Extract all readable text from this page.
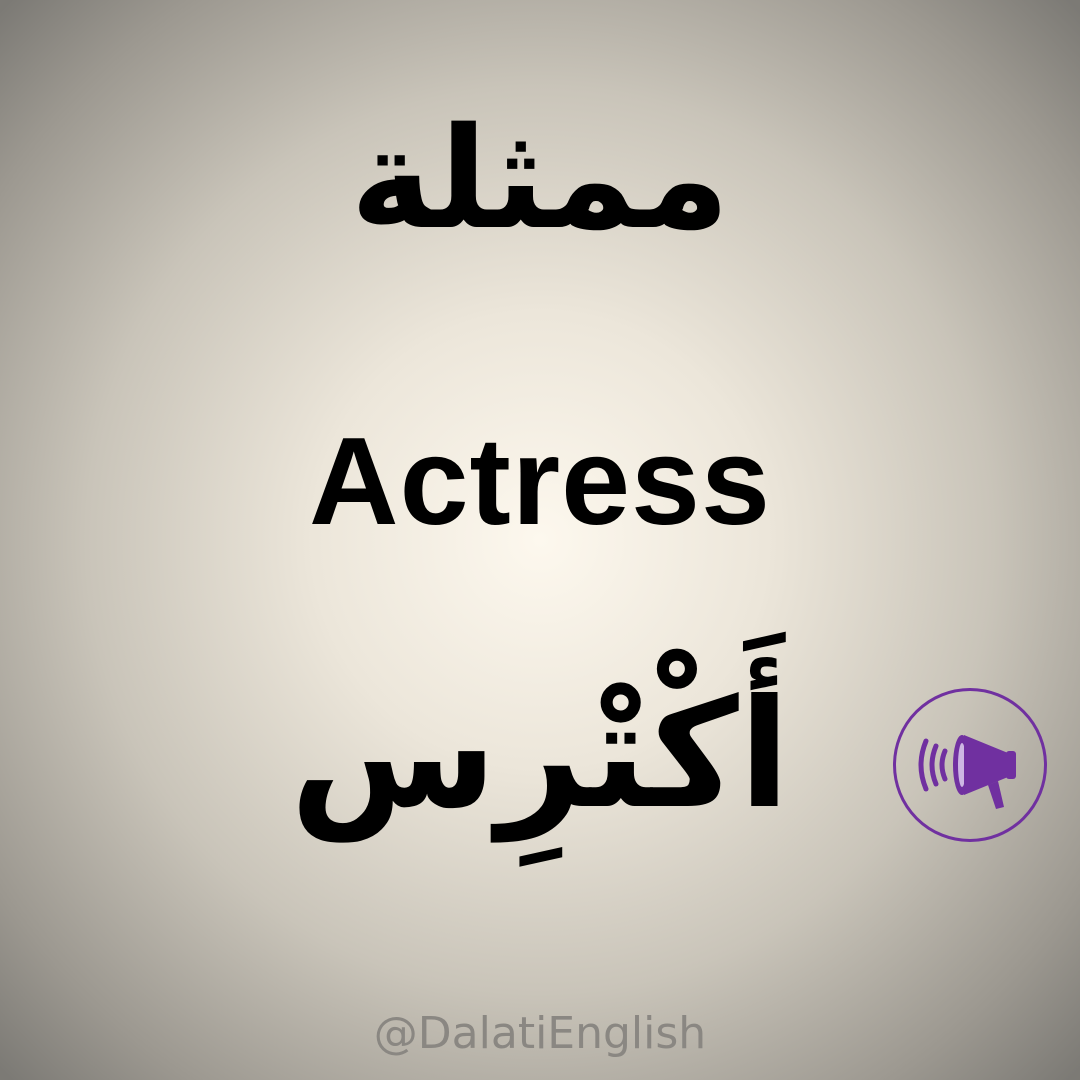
ممثلة
Actress
أَكْتْرِس
@DalatiEnglish
